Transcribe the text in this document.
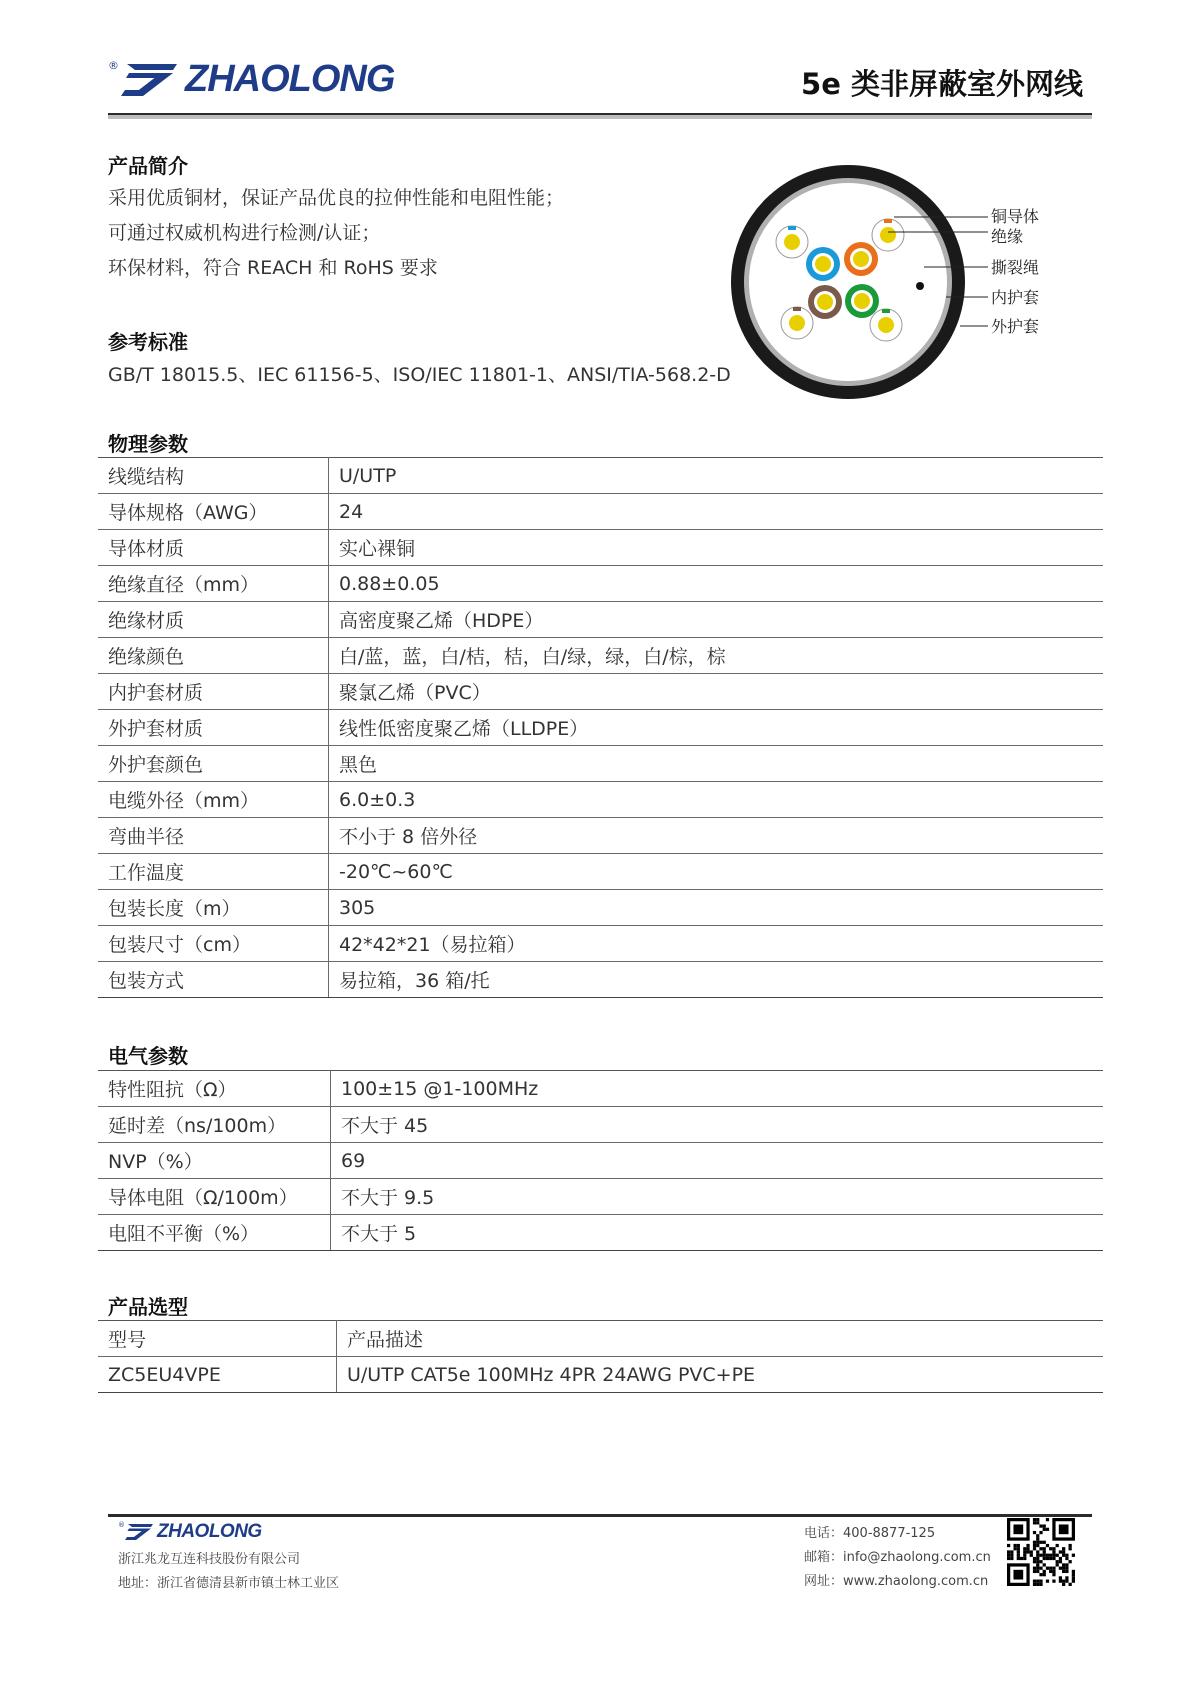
® ZHAOLONG	5e 类非屏蔽室外网线
产品简介
采用优质铜材，保证产品优良的拉伸性能和电阻性能；
可通过权威机构进行检测/认证；
环保材料，符合 REACH 和 RoHS 要求
参考标准
GB/T 18015.5、IEC 61156-5、ISO/IEC 11801-1、ANSI/TIA-568.2-D
铜导体
绝缘
撕裂绳
内护套
外护套
物理参数
线缆结构	U/UTP
导体规格（AWG）	24
导体材质	实心裸铜
绝缘直径（mm）	0.88±0.05
绝缘材质	高密度聚乙烯（HDPE）
绝缘颜色	白/蓝，蓝，白/桔，桔，白/绿，绿，白/棕，棕
内护套材质	聚氯乙烯（PVC）
外护套材质	线性低密度聚乙烯（LLDPE）
外护套颜色	黑色
电缆外径（mm）	6.0±0.3
弯曲半径	不小于 8 倍外径
工作温度	-20℃~60℃
包装长度（m）	305
包装尺寸（cm）	42*42*21（易拉箱）
包装方式	易拉箱，36 箱/托
电气参数
特性阻抗（Ω）	100±15 @1-100MHz
延时差（ns/100m）	不大于 45
NVP（%）	69
导体电阻（Ω/100m）	不大于 9.5
电阻不平衡（%）	不大于 5
产品选型
型号	产品描述
ZC5EU4VPE	U/UTP CAT5e 100MHz 4PR 24AWG PVC+PE
® ZHAOLONG
浙江兆龙互连科技股份有限公司
地址：浙江省德清县新市镇士林工业区
电话：400-8877-125
邮箱：info@zhaolong.com.cn
网址：www.zhaolong.com.cn
